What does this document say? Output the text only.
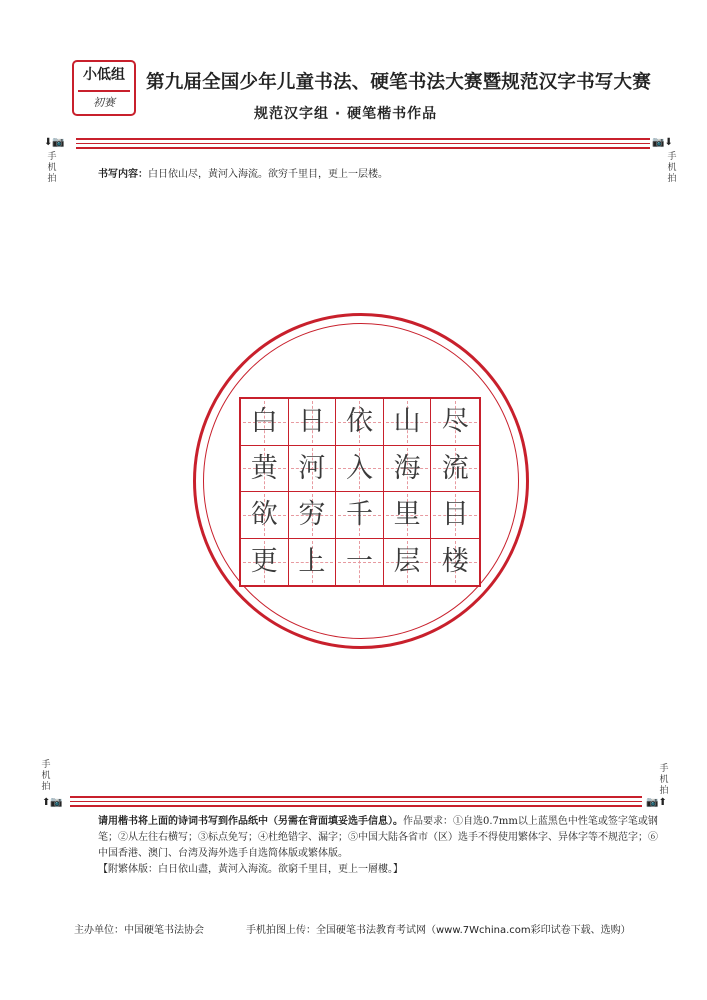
小低组
初赛
第九届全国少年儿童书法、硬笔书法大赛暨规范汉字书写大赛
规范汉字组 · 硬笔楷书作品
⬇📷	📷⬇
手机拍
手机拍
书写内容：白日依山尽，黄河入海流。欲穷千里目，更上一层楼。
白 日 依 山 尽
黄 河 入 海 流
欲 穷 千 里 目
更 上 一 层 楼
手机拍
手机拍
⬆📷	📷⬆
请用楷书将上面的诗词书写到作品纸中（另需在背面填妥选手信息）。作品要求：①自选0.7mm以上蓝黑色中性笔或签字笔或钢笔；②从左往右横写；③标点免写；④杜绝错字、漏字；⑤中国大陆各省市（区）选手不得使用繁体字、异体字等不规范字；⑥中国香港、澳门、台湾及海外选手自选简体版或繁体版。
【附繁体版：白日依山盡，黃河入海流。欲窮千里目，更上一層樓。】
主办单位：中国硬笔书法协会	手机拍图上传：全国硬笔书法教育考试网（www.7Wchina.com彩印试卷下载、选购）
